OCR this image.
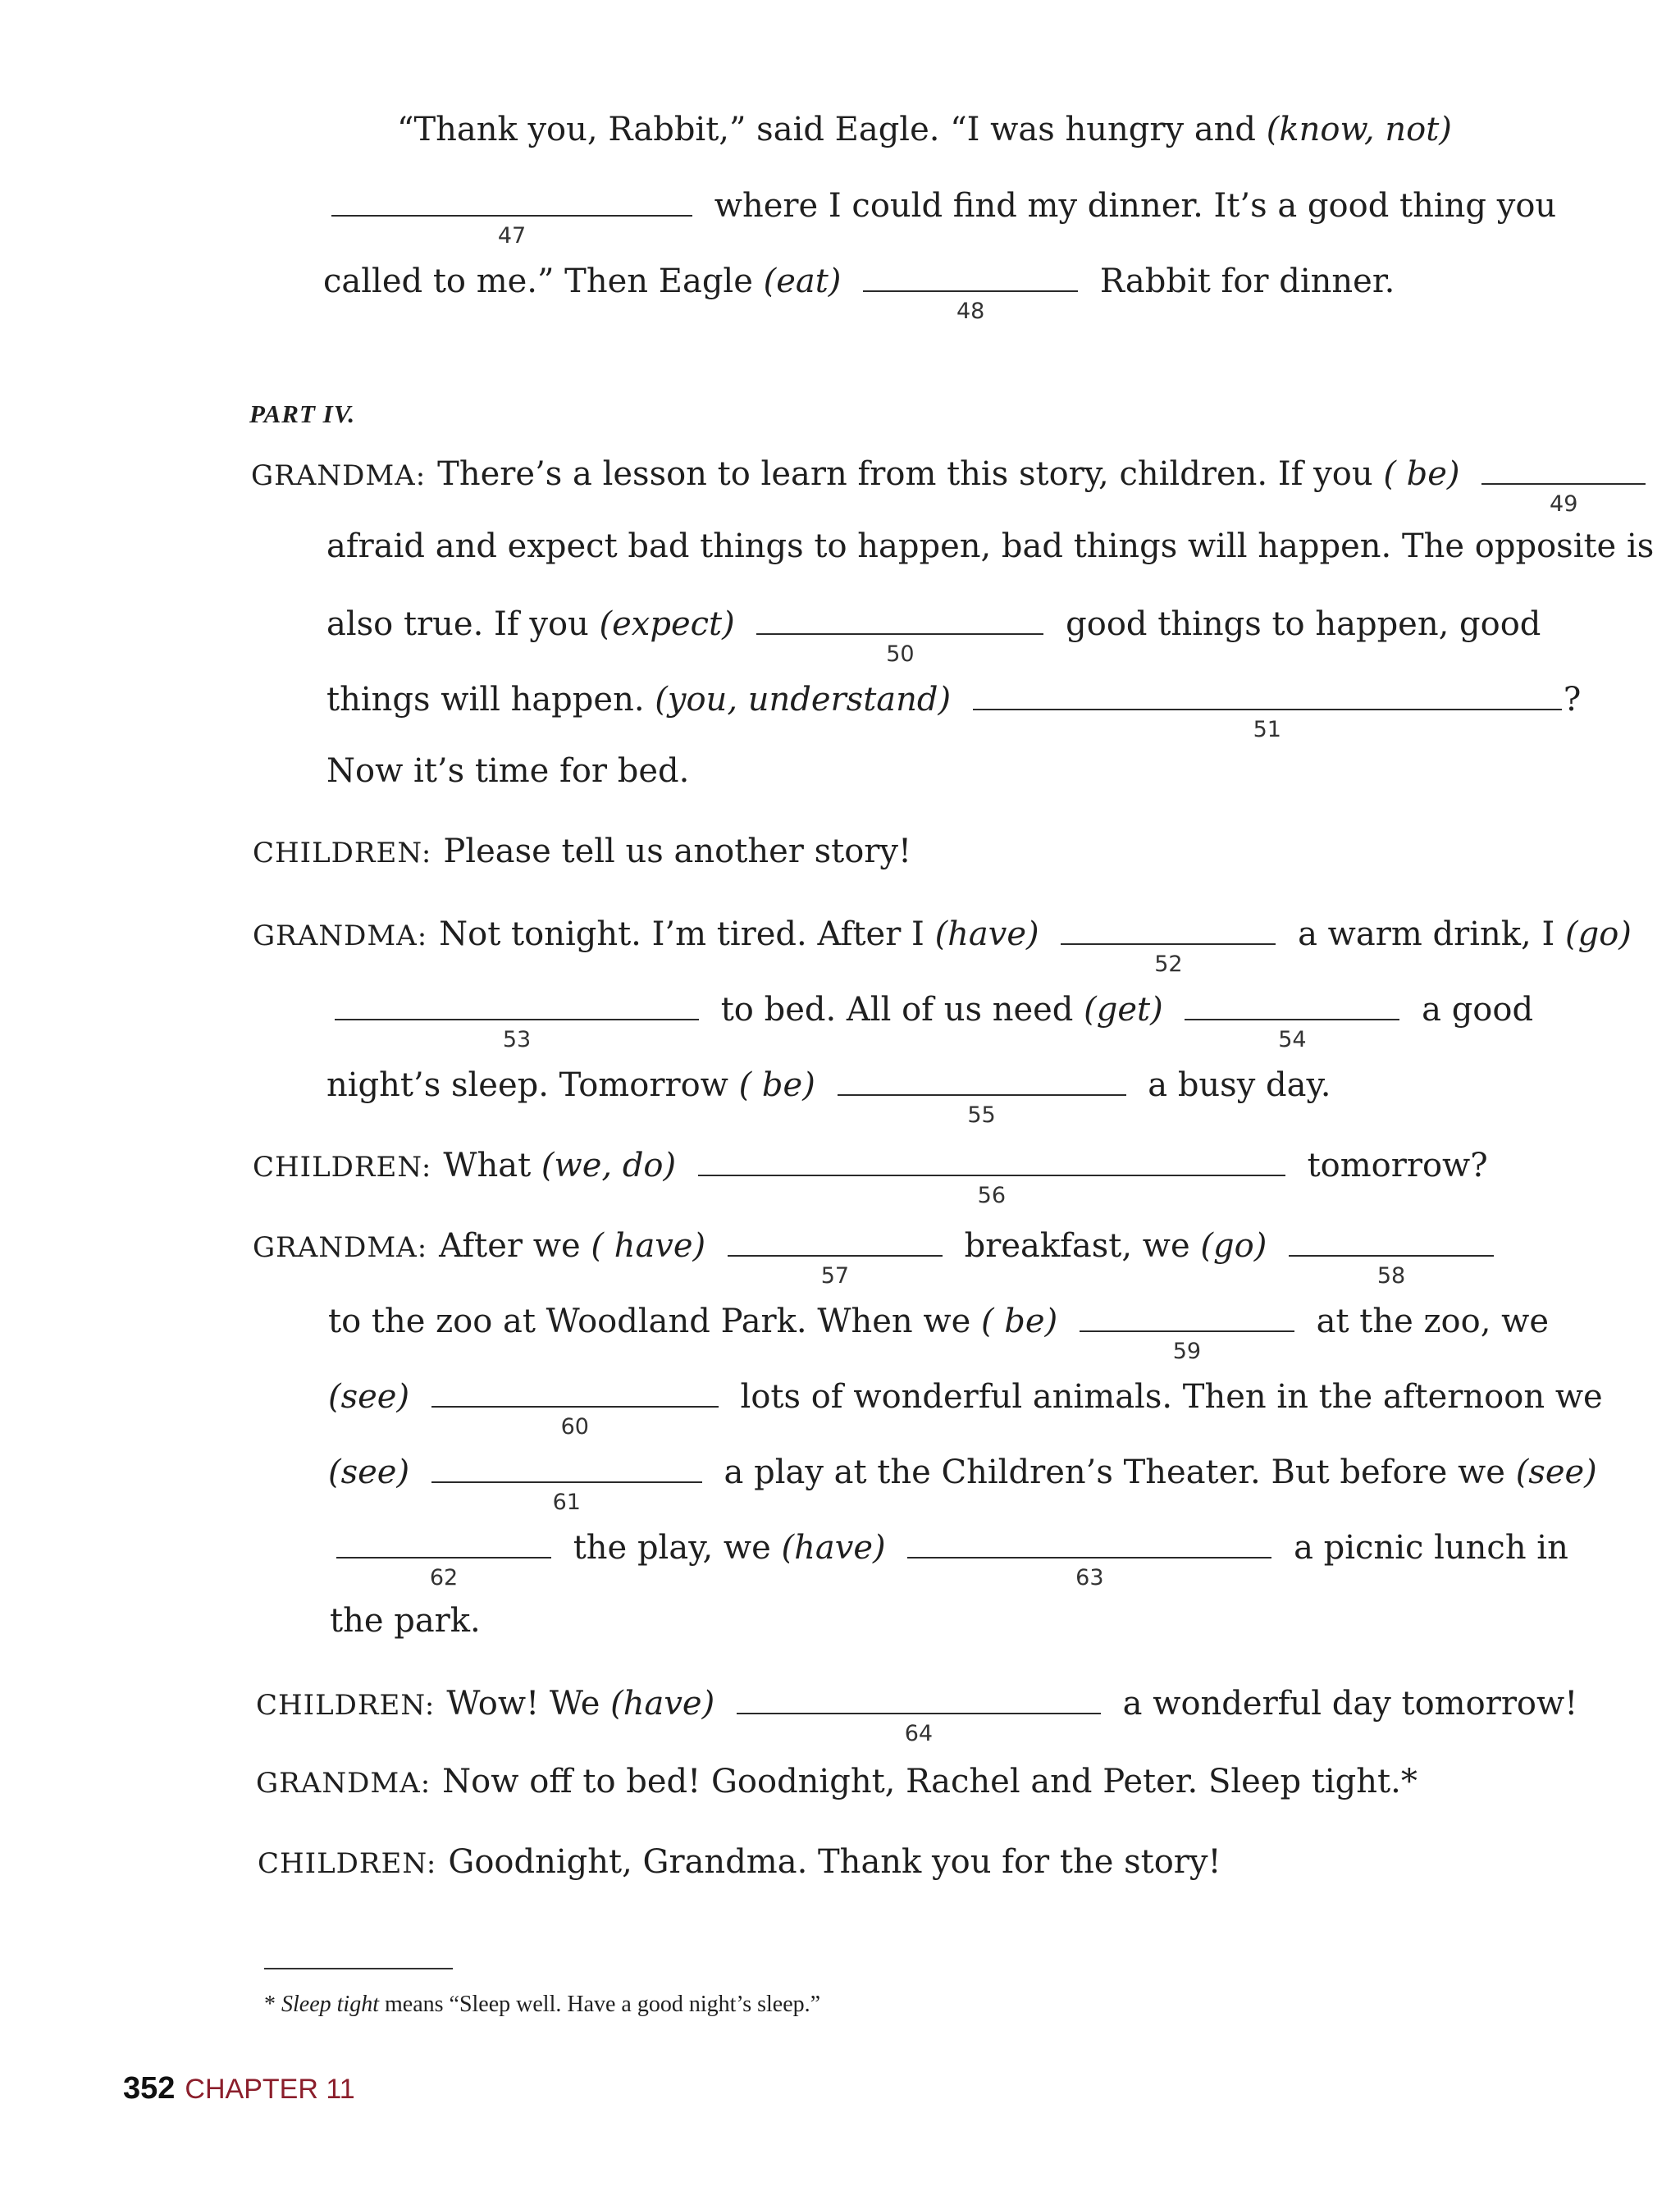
“Thank you, Rabbit,” said Eagle. “I was hungry and (know, not)
47
where I could find my dinner. It’s a good thing you
called to me.” Then Eagle (eat)
48
Rabbit for dinner.
PART IV.
GRANDMA: There’s a lesson to learn from this story, children. If you ( be)
49
afraid and expect bad things to happen, bad things will happen. The opposite is
also true. If you (expect)
50
good things to happen, good
things will happen. (you, understand)
51
?
Now it’s time for bed.
CHILDREN: Please tell us another story!
GRANDMA: Not tonight. I’m tired. After I (have)
52
a warm drink, I (go)
53
to bed. All of us need (get)
54
a good
night’s sleep. Tomorrow ( be)
55
a busy day.
CHILDREN: What (we, do)
56
tomorrow?
GRANDMA: After we ( have)
57
breakfast, we (go)
58
to the zoo at Woodland Park. When we ( be)
59
at the zoo, we
(see)
60
lots of wonderful animals. Then in the afternoon we
(see)
61
a play at the Children’s Theater. But before we (see)
62
the play, we (have)
63
a picnic lunch in
the park.
CHILDREN: Wow! We (have)
64
a wonderful day tomorrow!
GRANDMA: Now off to bed! Goodnight, Rachel and Peter. Sleep tight.*
CHILDREN: Goodnight, Grandma. Thank you for the story!
* Sleep tight means “Sleep well. Have a good night’s sleep.”
352 CHAPTER 11
